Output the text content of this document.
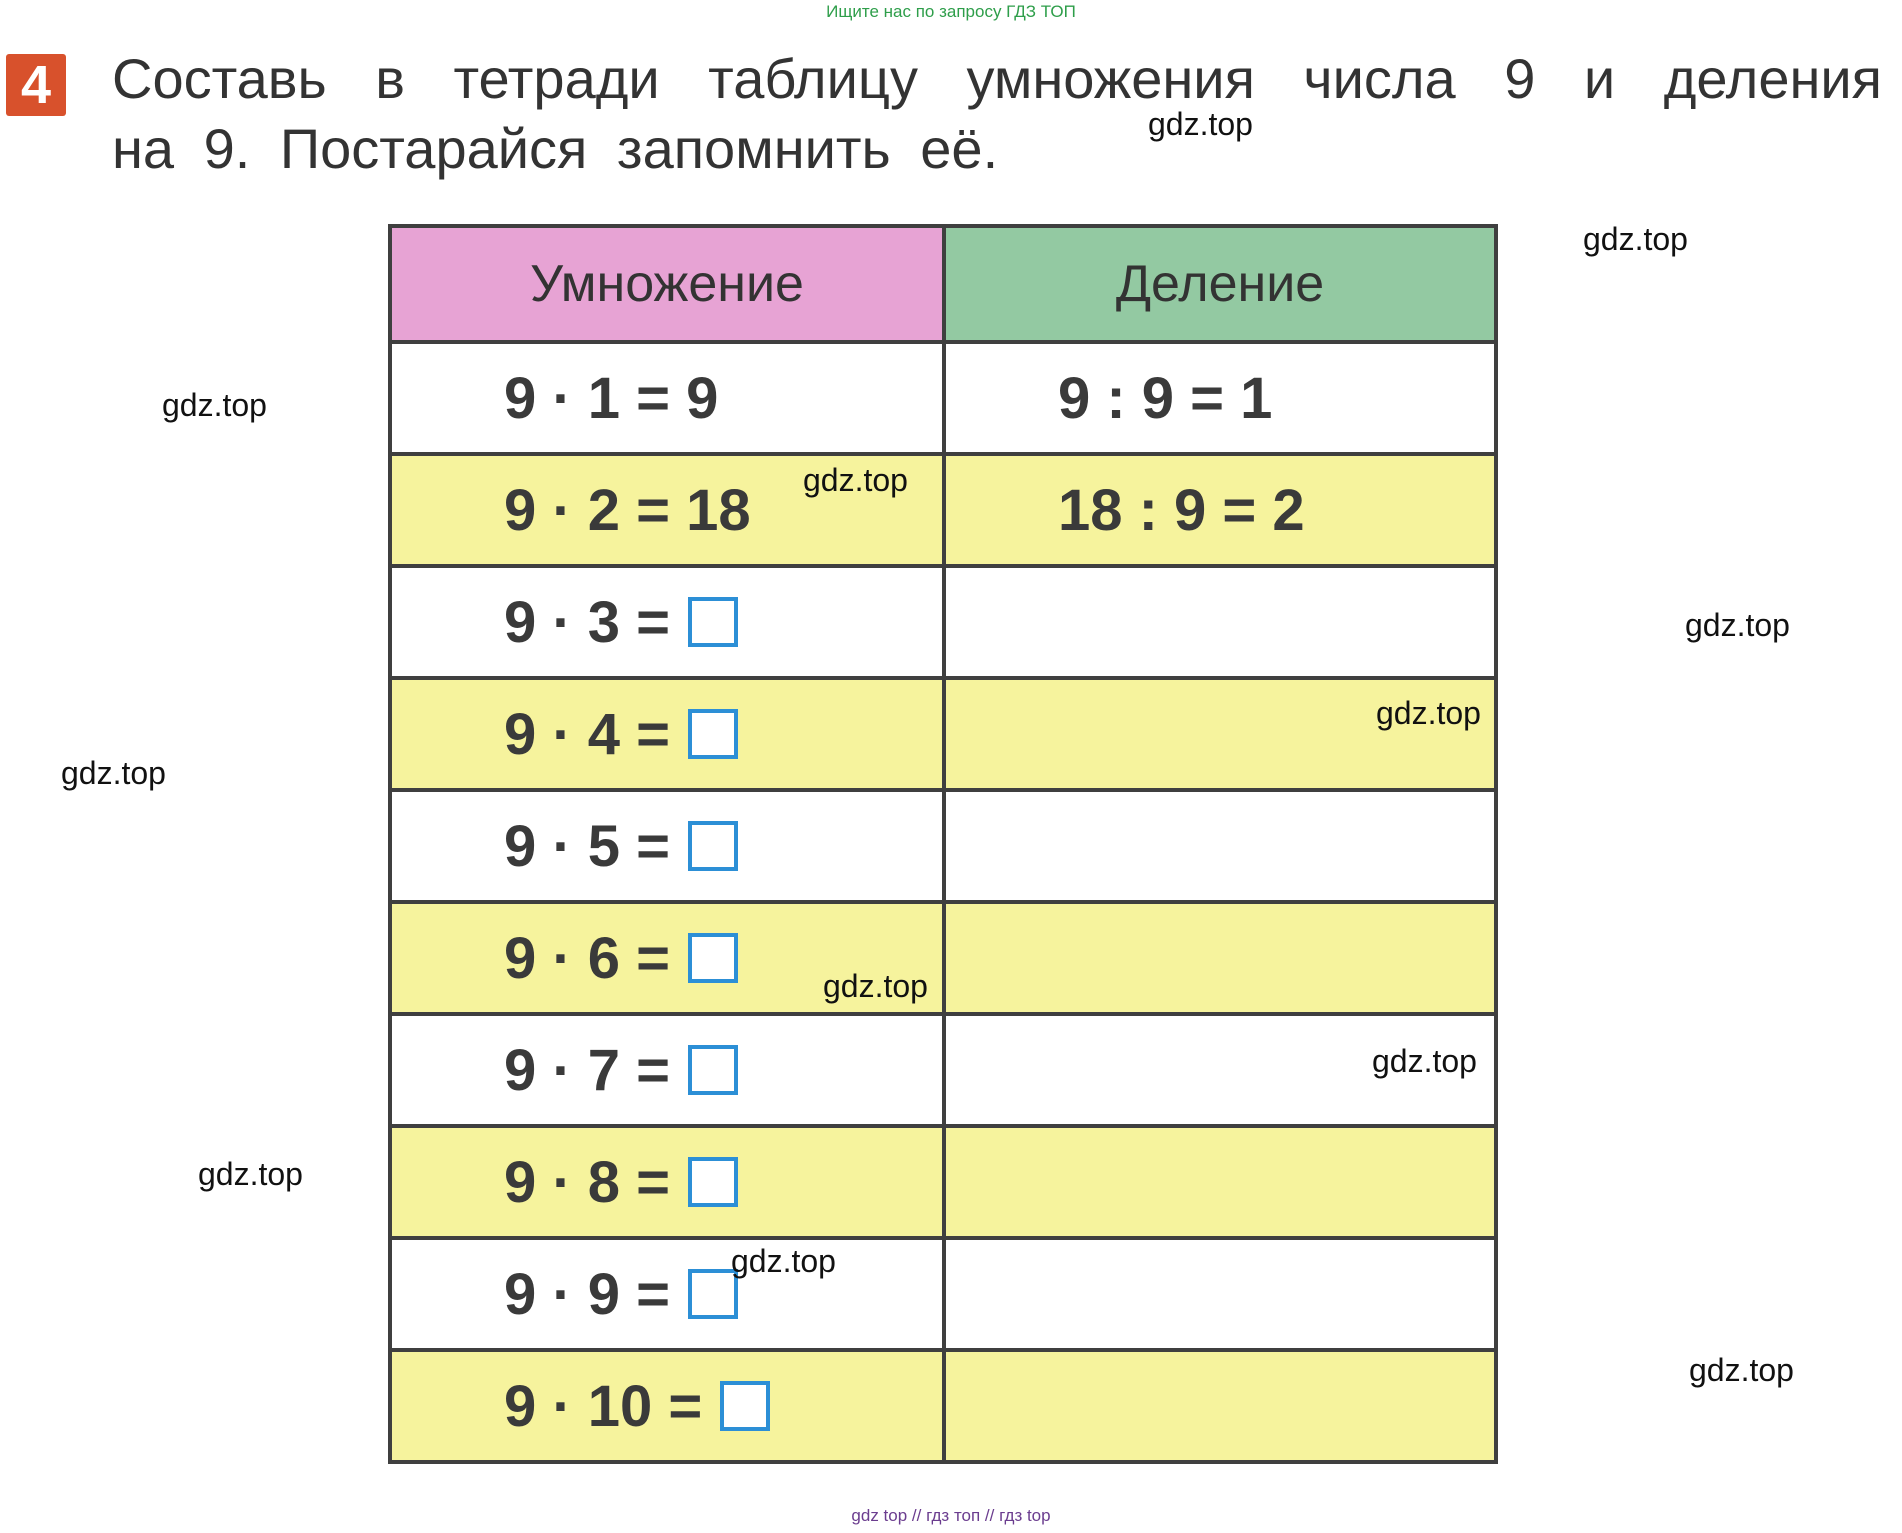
Ищите нас по запросу ГДЗ ТОП
4 Составь в тетради таблицу умножения числа 9 и деления
на 9. Постарайся запомнить её.
Умножение	Деление

9 · 1 = 9	9 : 9 = 1

9 · 2 = 18	18 : 9 = 2

9 · 3 =	

9 · 4 =	

9 · 5 =	

9 · 6 =	

9 · 7 =	

9 · 8 =	

9 · 9 =	

9 · 10 =	

gdz.top
gdz.top
gdz.top
gdz.top
gdz.top
gdz.top
gdz.top
gdz.top
gdz.top
gdz.top
gdz.top
gdz.top
gdz top // гдз топ // гдз top
